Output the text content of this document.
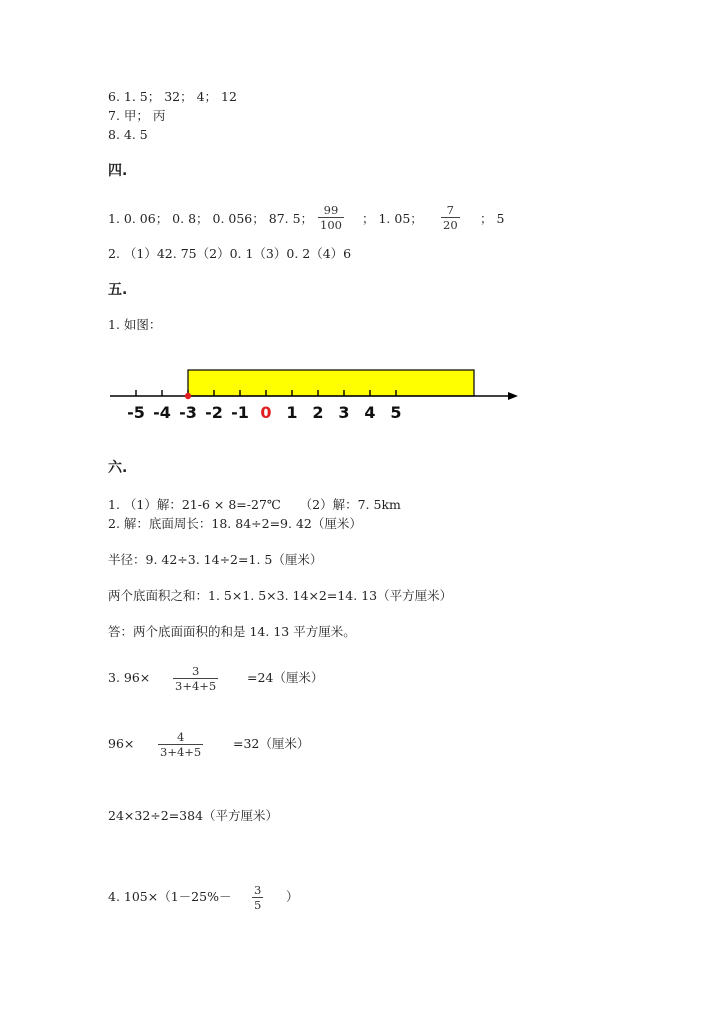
6. 1. 5； 32； 4； 12
7. 甲； 丙
8. 4. 5
四.
1. 0. 06； 0. 8； 0. 056； 87. 5； $\frac{99}{100}$ ； 1. 05； $\frac{7}{20}$ ； 5
2. （1）42. 75（2）0. 1（3）0. 2（4）6
五.
1. 如图：
-5 -4 -3 -2 -1 0 1 2 3 4 5
六.
1. （1）解：21-6 × 8=-27℃　　（2）解：7. 5km
2. 解：底面周长：18. 84÷2=9. 42（厘米）
半径：9. 42÷3. 14÷2=1. 5（厘米）
两个底面积之和：1. 5×1. 5×3. 14×2=14. 13（平方厘米）
答：两个底面面积的和是 14. 13 平方厘米。
3. $96\times \frac{3}{3+4+5} =24$（厘米）
$96\times \frac{4}{3+4+5} =32$（厘米）
24×32÷2=384（平方厘米）
4. $105\times(1-25\%- \frac{3}{5}$ ）
